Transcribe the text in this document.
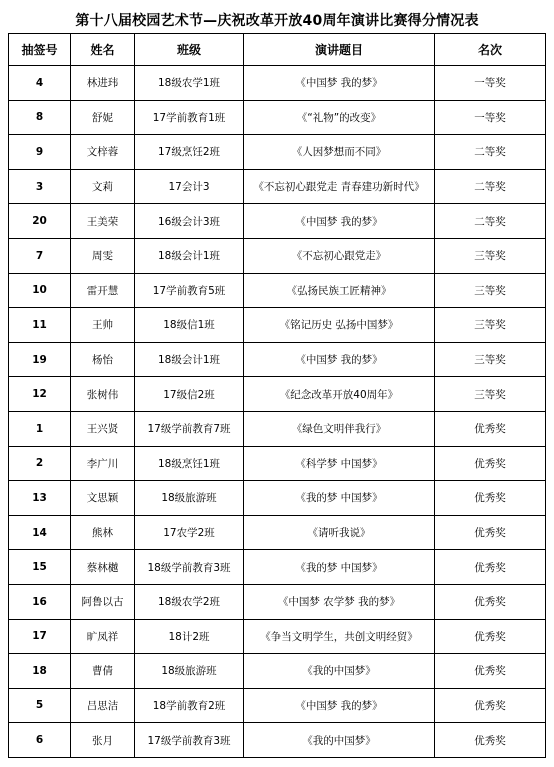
第十八届校园艺术节—庆祝改革开放40周年演讲比赛得分情况表
抽签号	姓名	班级	演讲题目	名次
4	林进玮	18级农学1班	《中国梦 我的梦》	一等奖
8	舒妮	17学前教育1班	《“礼物”的改变》	一等奖
9	文梓蓉	17级烹饪2班	《人因梦想而不同》	二等奖
3	文莉	17会计3	《不忘初心跟党走 青春建功新时代》	二等奖
20	王美荣	16级会计3班	《中国梦 我的梦》	二等奖
7	周雯	18级会计1班	《不忘初心跟党走》	三等奖
10	雷开慧	17学前教育5班	《弘扬民族工匠精神》	三等奖
11	王帅	18级信1班	《铭记历史 弘扬中国梦》	三等奖
19	杨怡	18级会计1班	《中国梦 我的梦》	三等奖
12	张树伟	17级信2班	《纪念改革开放40周年》	三等奖
1	王兴贤	17级学前教育7班	《绿色文明伴我行》	优秀奖
2	李广川	18级烹饪1班	《科学梦 中国梦》	优秀奖
13	文思颖	18级旅游班	《我的梦 中国梦》	优秀奖
14	熊林	17农学2班	《请听我说》	优秀奖
15	蔡林樾	18级学前教育3班	《我的梦 中国梦》	优秀奖
16	阿鲁以古	18级农学2班	《中国梦 农学梦 我的梦》	优秀奖
17	旷凤祥	18计2班	《争当文明学生，共创文明经贸》	优秀奖
18	曹倩	18级旅游班	《我的中国梦》	优秀奖
5	吕思洁	18学前教育2班	《中国梦 我的梦》	优秀奖
6	张月	17级学前教育3班	《我的中国梦》	优秀奖
